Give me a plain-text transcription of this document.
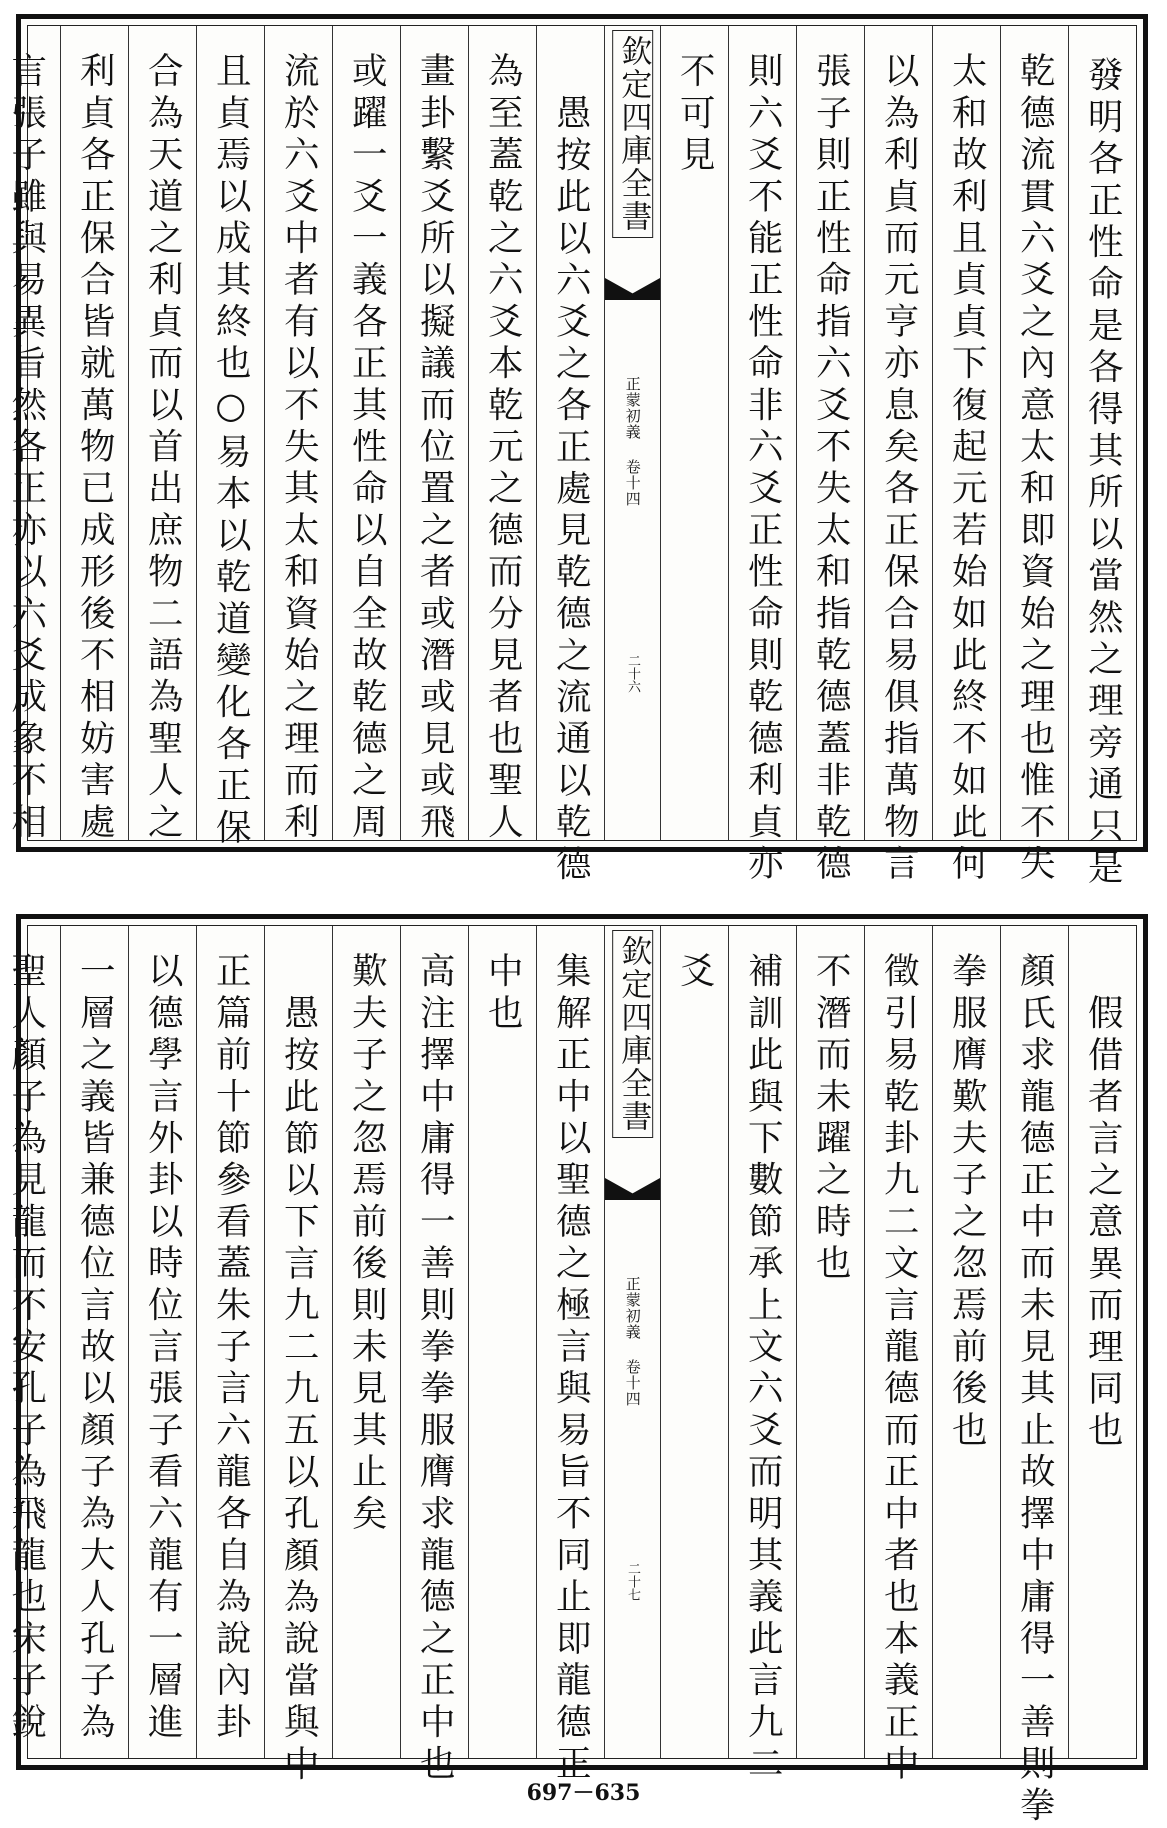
發明各正性命是各得其所以當然之理旁通只是
乾德流貫六爻之內意太和即資始之理也惟不失
太和故利且貞貞下復起元若始如此終不如此何
以為利貞而元亨亦息矣各正保合易俱指萬物言
張子則正性命指六爻不失太和指乾德蓋非乾德
則六爻不能正性命非六爻正性命則乾德利貞亦
不可見
欽定四庫全書
正蒙初義 卷十四
二十六
愚按此以六爻之各正處見乾德之流通以乾德
為至蓋乾之六爻本乾元之德而分見者也聖人
畫卦繫爻所以擬議而位置之者或潛或見或飛
或躍一爻一義各正其性命以自全故乾德之周
流於六爻中者有以不失其太和資始之理而利
且貞焉以成其終也○易本以乾道變化各正保
合為天道之利貞而以首出庶物二語為聖人之
利貞各正保合皆就萬物已成形後不相妨害處
言張子雖與易異旨然各正亦以六爻成象不相
假借者言之意異而理同也
顏氏求龍德正中而未見其止故擇中庸得一善則拳
拳服膺歎夫子之忽焉前後也
徵引易乾卦九二文言龍德而正中者也本義正中
不潛而未躍之時也
補訓此與下數節承上文六爻而明其義此言九二
爻
欽定四庫全書
正蒙初義 卷十四
二十七
集解正中以聖德之極言與易旨不同止即龍德正
中也
高注擇中庸得一善則拳拳服膺求龍德之正中也
歎夫子之忽焉前後則未見其止矣
愚按此節以下言九二九五以孔顏為說當與中
正篇前十節參看蓋朱子言六龍各自為說內卦
以德學言外卦以時位言張子看六龍有一層進
一層之義皆兼德位言故以顏子為大人孔子為
聖人顏子為見龍而不安孔子為飛龍也宋子銳
697－635
